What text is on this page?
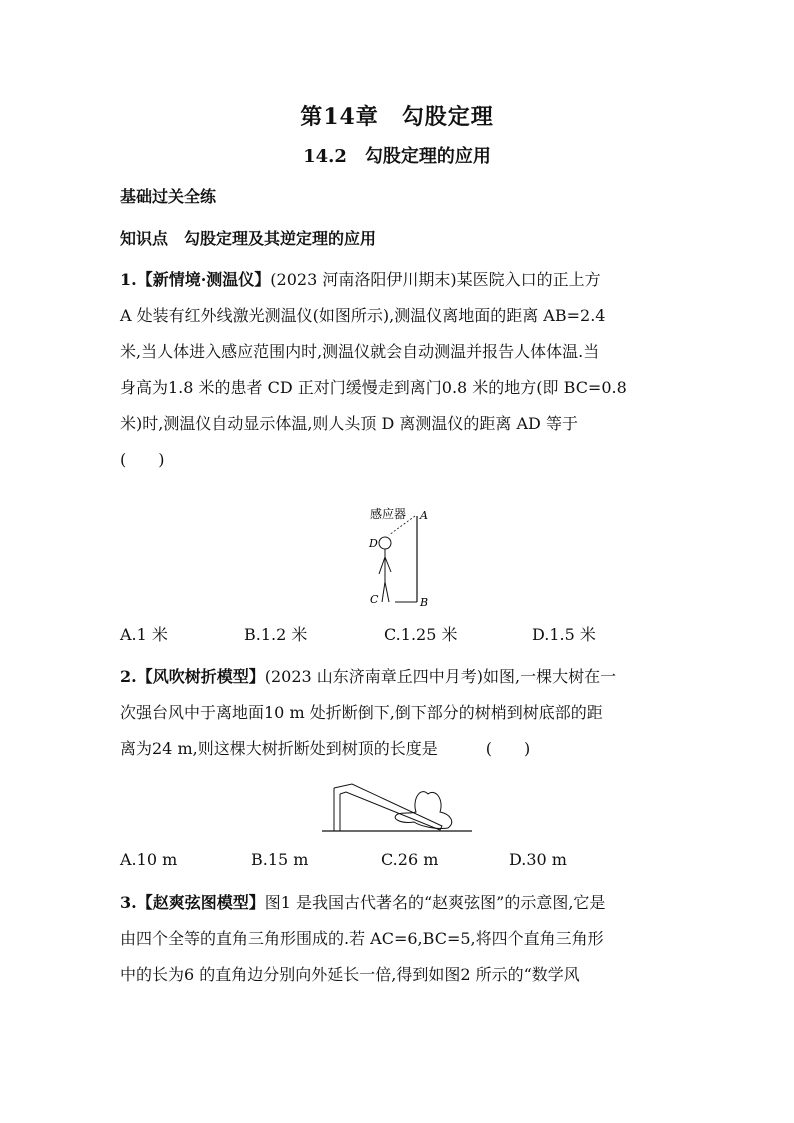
第14章　勾股定理
14.2　勾股定理的应用
基础过关全练
知识点　勾股定理及其逆定理的应用
1.【新情境·测温仪】(2023 河南洛阳伊川期末)某医院入口的正上方
A 处装有红外线激光测温仪(如图所示),测温仪离地面的距离 AB=2.4
米,当人体进入感应范围内时,测温仪就会自动测温并报告人体体温.当
身高为1.8 米的患者 CD 正对门缓慢走到离门0.8 米的地方(即 BC=0.8
米)时,测温仪自动显示体温,则人头顶 D 离测温仪的距离 AD 等于
(　　)
感应器 A
D
C	B
A.1 米	B.1.2 米	C.1.25 米	D.1.5 米
2.【风吹树折模型】(2023 山东济南章丘四中月考)如图,一棵大树在一
次强台风中于离地面10 m 处折断倒下,倒下部分的树梢到树底部的距
离为24 m,则这棵大树折断处到树顶的长度是　　　(　　)
A.10 m	B.15 m	C.26 m	D.30 m
3.【赵爽弦图模型】图1 是我国古代著名的“赵爽弦图”的示意图,它是
由四个全等的直角三角形围成的.若 AC=6,BC=5,将四个直角三角形
中的长为6 的直角边分别向外延长一倍,得到如图2 所示的“数学风
